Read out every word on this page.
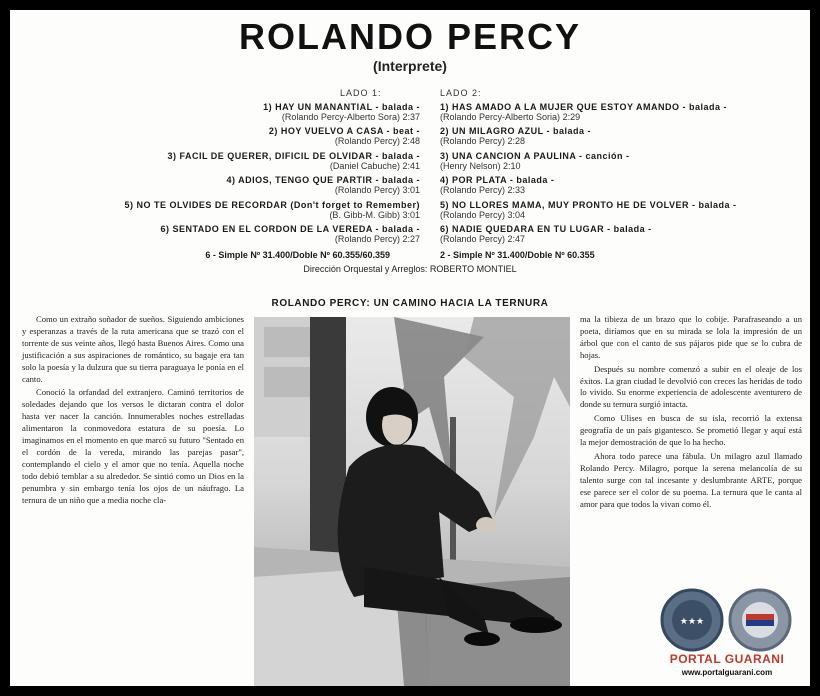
ROLANDO PERCY
(Interprete)
LADO 1:	LADO 2:
1) HAY UN MANANTIAL - balada -
(Rolando Percy-Alberto Sora) 2:37
2) HOY VUELVO A CASA - beat -
(Rolando Percy) 2:48
3) FACIL DE QUERER, DIFICIL DE OLVIDAR - balada -
(Daniel Cabuche) 2:41
4) ADIOS, TENGO QUE PARTIR - balada -
(Rolando Percy) 3:01
5) NO TE OLVIDES DE RECORDAR (Don't forget to Remember)
(B. Gibb-M. Gibb) 3:01
6) SENTADO EN EL CORDON DE LA VEREDA - balada -
(Rolando Percy) 2:27
6 - Simple Nº 31.400/Doble Nº 60.355/60.359
1) HAS AMADO A LA MUJER QUE ESTOY AMANDO - balada -
(Rolando Percy-Alberto Soria) 2:29
2) UN MILAGRO AZUL - balada -
(Rolando Percy) 2:28
3) UNA CANCION A PAULINA - canción -
(Henry Nelson) 2:10
4) POR PLATA - balada -
(Rolando Percy) 2:33
5) NO LLORES MAMA, MUY PRONTO HE DE VOLVER - balada -
(Rolando Percy) 3:04
6) NADIE QUEDARA EN TU LUGAR - balada -
(Rolando Percy) 2:47
2 - Simple Nº 31.400/Doble Nº 60.355
Dirección Orquestal y Arreglos: ROBERTO MONTIEL
ROLANDO PERCY: UN CAMINO HACIA LA TERNURA

Como un extraño soñador de sueños. Siguiendo ambiciones y esperanzas a través de la ruta americana que se trazó con el torrente de sus veinte años, llegó hasta Buenos Aires. Como una justificación a sus aspiraciones de romántico, su bagaje era tan solo la poesía y la dulzura que su tierra paraguaya le ponía en el canto.

Conoció la orfandad del extranjero. Caminó territorios de soledades dejando que los versos le dictaran contra el dolor hasta ver nacer la canción. Innumerables noches estrelladas alimentaron la conmovedora estatura de su poesía. Lo imaginamos en el momento en que marcó su futuro "Sentado en el cordón de la vereda, mirando las parejas pasar", contemplando el cielo y el amor que no tenía. Aquella noche todo debió temblar a su alrededor. Se sintió como un Dios en la penumbra y sin embargo tenía los ojos de un náufrago. La ternura de un niño que a media noche cla-

ma la tibieza de un brazo que lo cobije. Parafraseando a un poeta, diríamos que en su mirada se lola la impresión de un árbol que con el canto de sus pájaros pide que se lo cubra de hojas.

Después su nombre comenzó a subir en el oleaje de los éxitos. La gran ciudad le devolvió con creces las heridas de todo lo vivido. Su enorme experiencia de adolescente aventurero de donde su ternura surgió intacta.

Como Ulises en busca de su isla, recorrió la extensa geografía de un país gigantesco. Se prometió llegar y aquí está la mejor demostración de que lo ha hecho.

Ahora todo parece una fábula. Un milagro azul llamado Rolando Percy. Milagro, porque la serena melancolía de su talento surge con tal incesante y deslumbrante ARTE, porque ese parece ser el color de su poema. La ternura que le canta al amor para que todos la vivan como él.

★★★
PORTAL GUARANI
www.portalguarani.com
